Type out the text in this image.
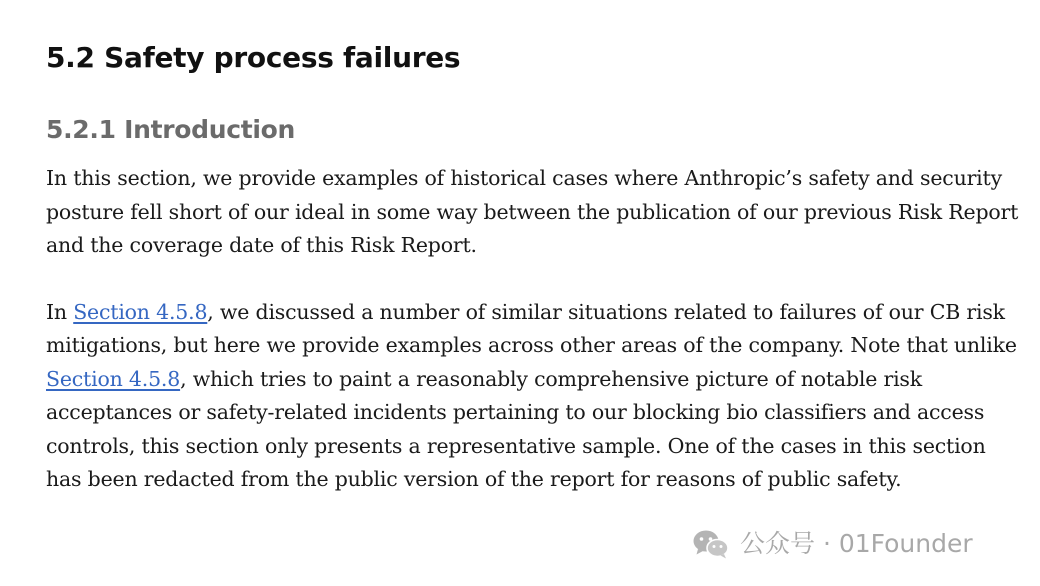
5.2 Safety process failures
5.2.1 Introduction

In this section, we provide examples of historical cases where Anthropic’s safety and security posture fell short of our ideal in some way between the publication of our previous Risk Report and the coverage date of this Risk Report.

In Section 4.5.8, we discussed a number of similar situations related to failures of our CB risk mitigations, but here we provide examples across other areas of the company. Note that unlike Section 4.5.8, which tries to paint a reasonably comprehensive picture of notable risk acceptances or safety-related incidents pertaining to our blocking bio classifiers and access controls, this section only presents a representative sample. One of the cases in this section has been redacted from the public version of the report for reasons of public safety.

公众号 · 01Founder
